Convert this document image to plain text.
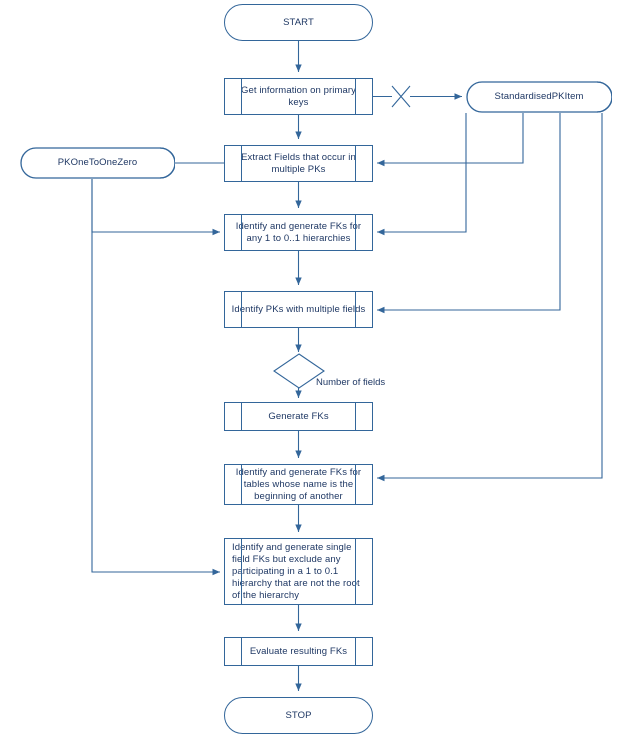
START
Get information on primary keys	StandardisedPKItem
Extract Fields that occur in multiple PKs
PKOneToOneZero
Identify and generate FKs for any 1 to 0..1 hierarchies
Identify PKs with multiple fields
Number of fields
Generate FKs
Identify and generate FKs for tables whose name is the beginning of another
Identify and generate single field FKs but exclude any participating in a 1 to 0.1 hierarchy that are not the root of the hierarchy
Evaluate resulting FKs
STOP
